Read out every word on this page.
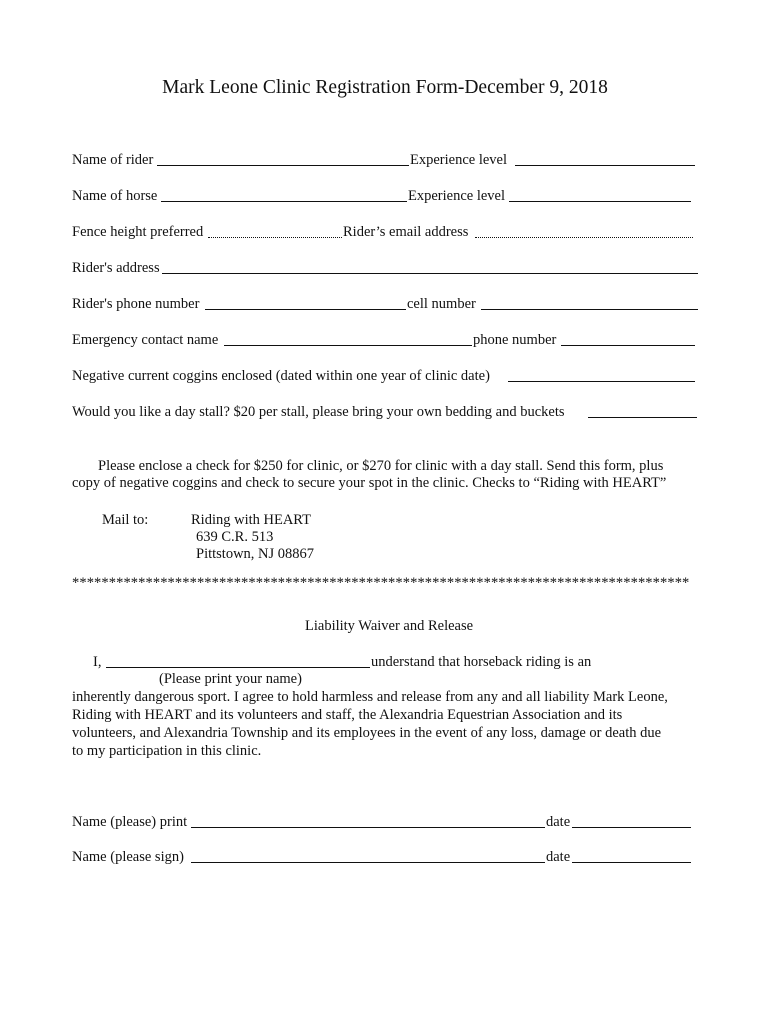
Mark Leone Clinic Registration Form-December 9, 2018
Name of rider	Experience level
Name of horse	Experience level
Fence height preferred	Rider’s email address
Rider's address
Rider's phone number	cell number
Emergency contact name	phone number
Negative current coggins enclosed (dated within one year of clinic date)
Would you like a day stall? $20 per stall, please bring your own bedding and buckets
Please enclose a check for $250 for clinic, or $270 for clinic with a day stall. Send this form, plus
copy of negative coggins and check to secure your spot in the clinic. Checks to “Riding with HEART”
Mail to:	Riding with HEART
639 C.R. 513
Pittstown, NJ 08867
************************************************************************************
Liability Waiver and Release
I,	understand that horseback riding is an
(Please print your name)
inherently dangerous sport. I agree to hold harmless and release from any and all liability Mark Leone,
Riding with HEART and its volunteers and staff, the Alexandria Equestrian Association and its
volunteers, and Alexandria Township and its employees in the event of any loss, damage or death due
to my participation in this clinic.
Name (please) print	date
Name (please sign)	date
